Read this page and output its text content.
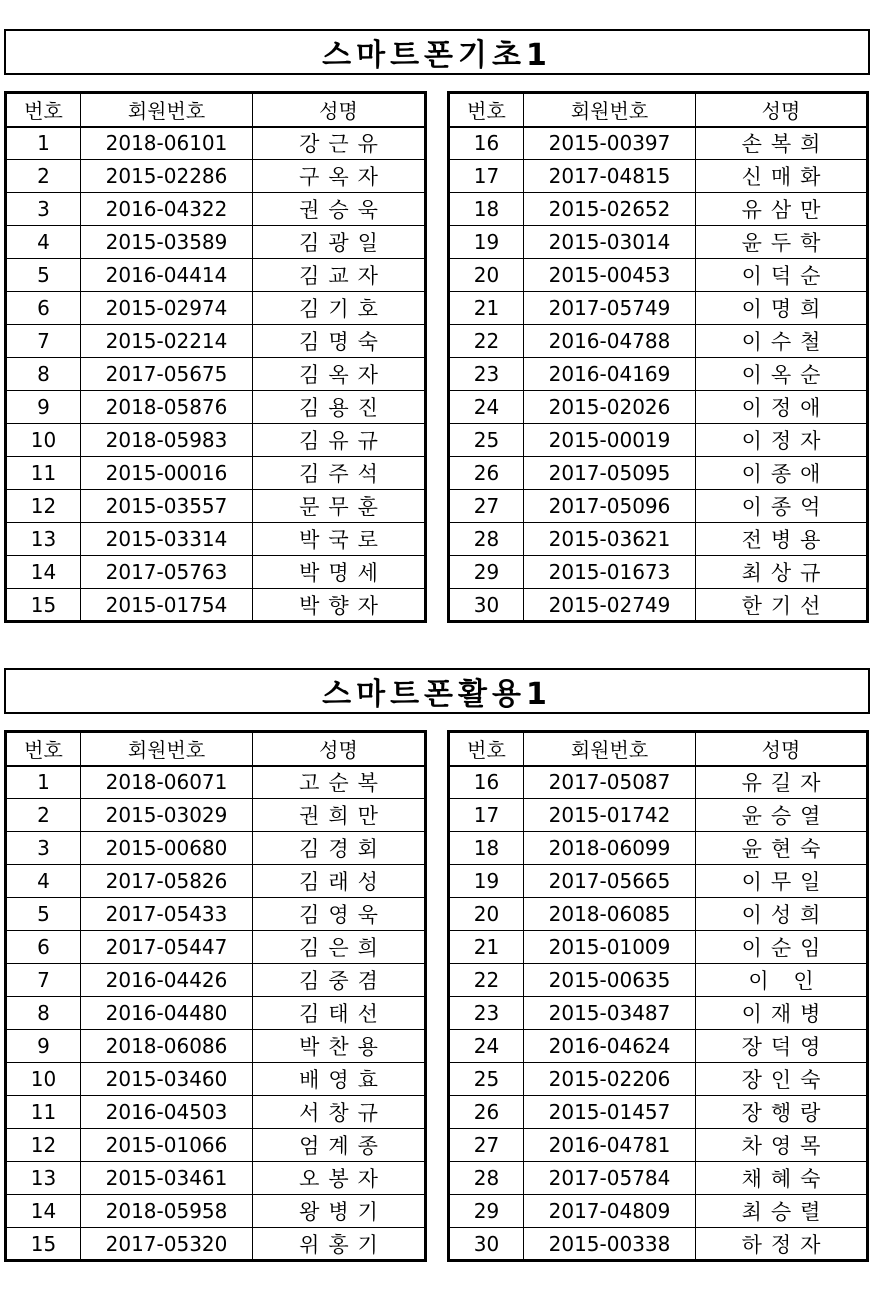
스마트폰기초1
번호	회원번호	성명
1	2018-06101	강근유
2	2015-02286	구옥자
3	2016-04322	권승욱
4	2015-03589	김광일
5	2016-04414	김교자
6	2015-02974	김기호
7	2015-02214	김명숙
8	2017-05675	김옥자
9	2018-05876	김용진
10	2018-05983	김유규
11	2015-00016	김주석
12	2015-03557	문무훈
13	2015-03314	박국로
14	2017-05763	박명세
15	2015-01754	박향자
번호	회원번호	성명
16	2015-00397	손복희
17	2017-04815	신매화
18	2015-02652	유삼만
19	2015-03014	윤두학
20	2015-00453	이덕순
21	2017-05749	이명희
22	2016-04788	이수철
23	2016-04169	이옥순
24	2015-02026	이정애
25	2015-00019	이정자
26	2017-05095	이종애
27	2017-05096	이종억
28	2015-03621	전병용
29	2015-01673	최상규
30	2015-02749	한기선
스마트폰활용1
번호	회원번호	성명
1	2018-06071	고순복
2	2015-03029	권희만
3	2015-00680	김경회
4	2017-05826	김래성
5	2017-05433	김영욱
6	2017-05447	김은희
7	2016-04426	김중겸
8	2016-04480	김태선
9	2018-06086	박찬용
10	2015-03460	배영효
11	2016-04503	서창규
12	2015-01066	엄계종
13	2015-03461	오봉자
14	2018-05958	왕병기
15	2017-05320	위홍기
번호	회원번호	성명
16	2017-05087	유길자
17	2015-01742	윤승열
18	2018-06099	윤현숙
19	2017-05665	이무일
20	2018-06085	이성희
21	2015-01009	이순임
22	2015-00635	이 인
23	2015-03487	이재병
24	2016-04624	장덕영
25	2015-02206	장인숙
26	2015-01457	장행랑
27	2016-04781	차영목
28	2017-05784	채혜숙
29	2017-04809	최승렬
30	2015-00338	하정자
